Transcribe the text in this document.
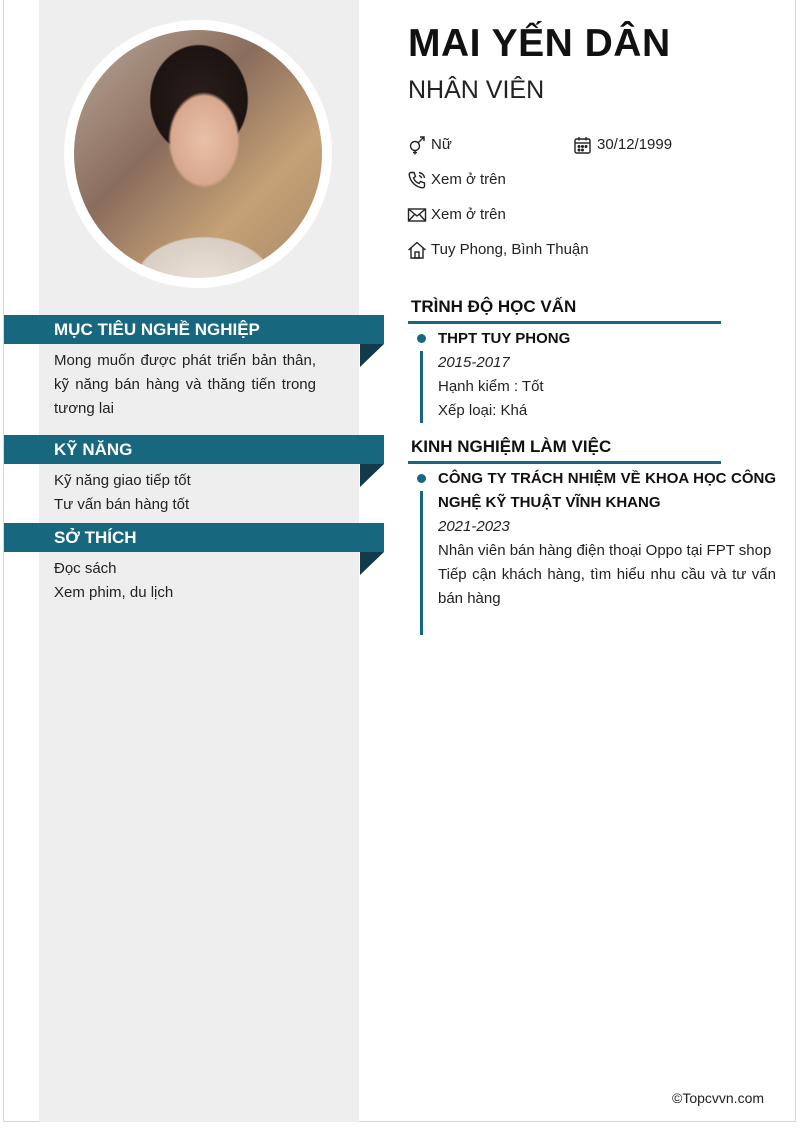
MỤC TIÊU NGHỀ NGHIỆP
Mong muốn được phát triển bản thân, kỹ năng bán hàng và thăng tiến trong tương lai
KỸ NĂNG
Kỹ năng giao tiếp tốt
Tư vấn bán hàng tốt
SỞ THÍCH
Đọc sách
Xem phim, du lịch
MAI YẾN DÂN
NHÂN VIÊN
Nữ	30/12/1999
Xem ở trên
Xem ở trên
Tuy Phong, Bình Thuận
TRÌNH ĐỘ HỌC VẤN
THPT TUY PHONG
2015-2017
Hạnh kiểm : Tốt
Xếp loại: Khá
KINH NGHIỆM LÀM VIỆC
CÔNG TY TRÁCH NHIỆM VỀ KHOA HỌC CÔNG NGHỆ KỸ THUẬT VĨNH KHANG
2021-2023
Nhân viên bán hàng điện thoại Oppo tại FPT shop
Tiếp cận khách hàng, tìm hiểu nhu cầu và tư vấn bán hàng
©Topcvvn.com
